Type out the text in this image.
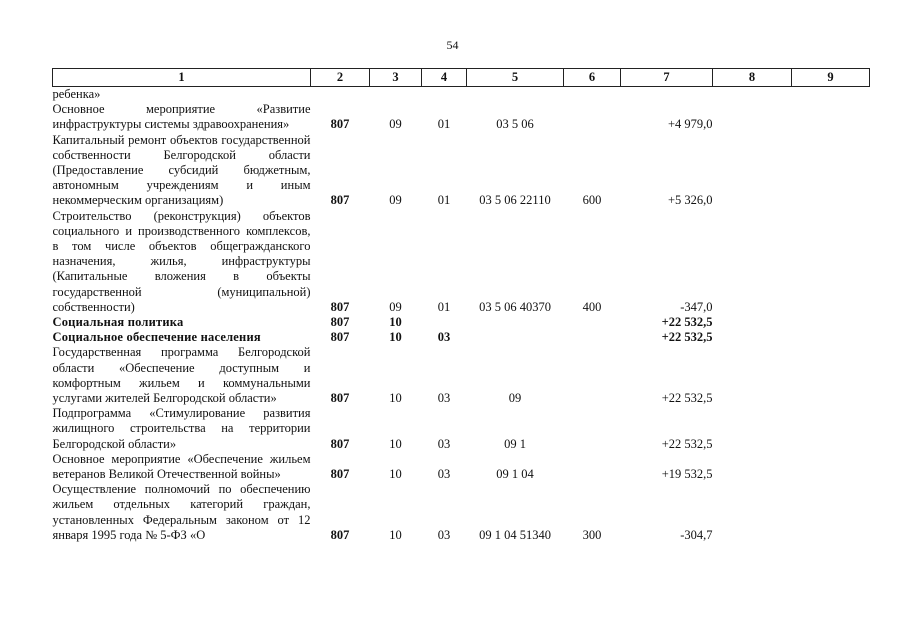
54
1	2	3	4	5	6	7	8	9
ребенка»								
Основное мероприятие «Развитие инфраструктуры системы здравоохранения»	807	09	01	03 5 06		+4 979,0		
Капитальный ремонт объектов государственной собственности Белгородской области (Предоставление субсидий бюджетным, автономным учреждениям и иным некоммерческим организациям)	807	09	01	03 5 06 22110	600	+5 326,0		
Строительство (реконструкция) объектов социального и производственного комплексов, в том числе объектов общегражданского назначения, жилья, инфраструктуры (Капитальные вложения в объекты государственной (муниципальной) собственности)	807	09	01	03 5 06 40370	400	-347,0		
Социальная политика	807	10				+22 532,5		
Социальное обеспечение населения	807	10	03			+22 532,5		
Государственная программа Белгородской области «Обеспечение доступным и комфортным жильем и коммунальными услугами жителей Белгородской области»	807	10	03	09		+22 532,5		
Подпрограмма «Стимулирование развития жилищного строительства на территории Белгородской области»	807	10	03	09 1		+22 532,5		
Основное мероприятие «Обеспечение жильем ветеранов Великой Отечественной войны»	807	10	03	09 1 04		+19 532,5		
Осуществление полномочий по обеспечению жильем отдельных категорий граждан, установленных Федеральным законом от 12 января 1995 года № 5-ФЗ «О	807	10	03	09 1 04 51340	300	-304,7		
